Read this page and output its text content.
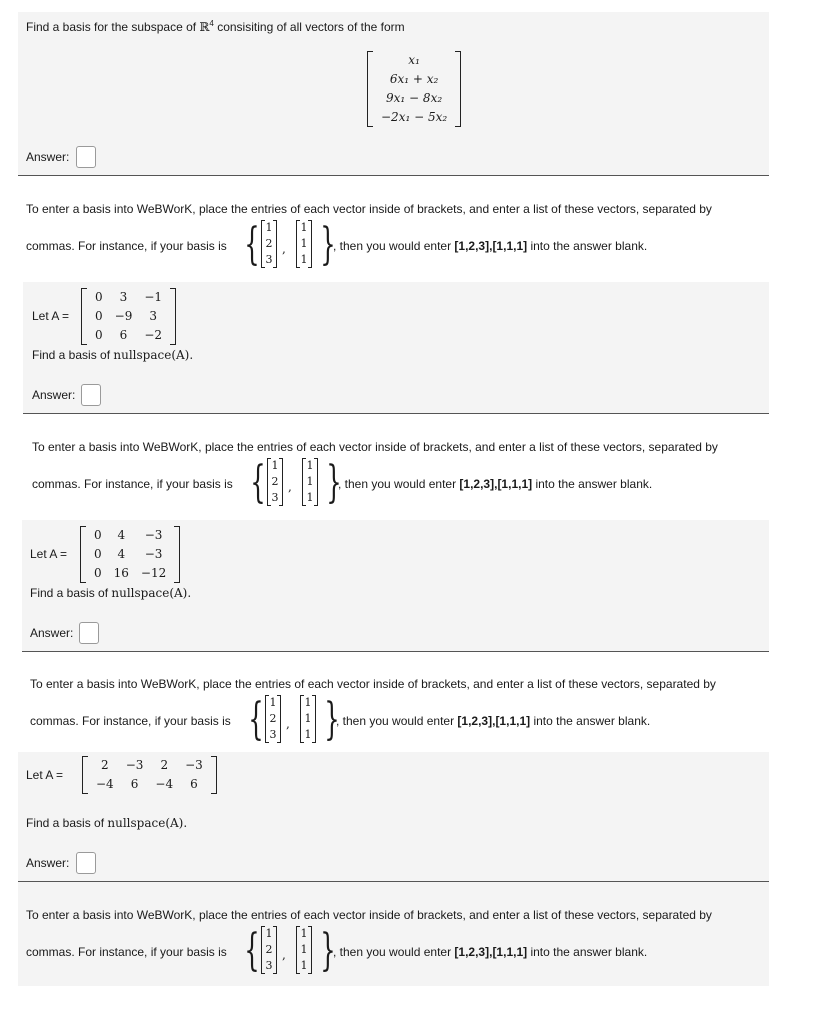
Find a basis for the subspace of ℝ$^4$ consisiting of all vectors of the form
x₁
6x₁ + x₂
9x₁ − 8x₂
−2x₁ − 5x₂
Answer:
To enter a basis into WeBWorK, place the entries of each vector inside of brackets, and enter a list of these vectors, separated by
commas. For instance, if your basis is { 1
2
3
,
1
1
1 }
, then you would enter [1,2,3],[1,1,1] into the answer blank.
Let A =
0	3	−1
0	−9	3
0	6	−2
Find a basis of nullspace(A).
Answer:
To enter a basis into WeBWorK, place the entries of each vector inside of brackets, and enter a list of these vectors, separated by
commas. For instance, if your basis is { 1
2
3
,
1
1
1 }
, then you would enter [1,2,3],[1,1,1] into the answer blank.
Let A =
0	4	−3
0	4	−3
0	16	−12
Find a basis of nullspace(A).
Answer:
To enter a basis into WeBWorK, place the entries of each vector inside of brackets, and enter a list of these vectors, separated by
commas. For instance, if your basis is { 1
2
3
,
1
1
1 }
, then you would enter [1,2,3],[1,1,1] into the answer blank.
Let A =
2	−3	2	−3
−4	6	−4	6
Find a basis of nullspace(A).
Answer:
To enter a basis into WeBWorK, place the entries of each vector inside of brackets, and enter a list of these vectors, separated by
commas. For instance, if your basis is { 1
2
3
,
1
1
1 }
, then you would enter [1,2,3],[1,1,1] into the answer blank.
